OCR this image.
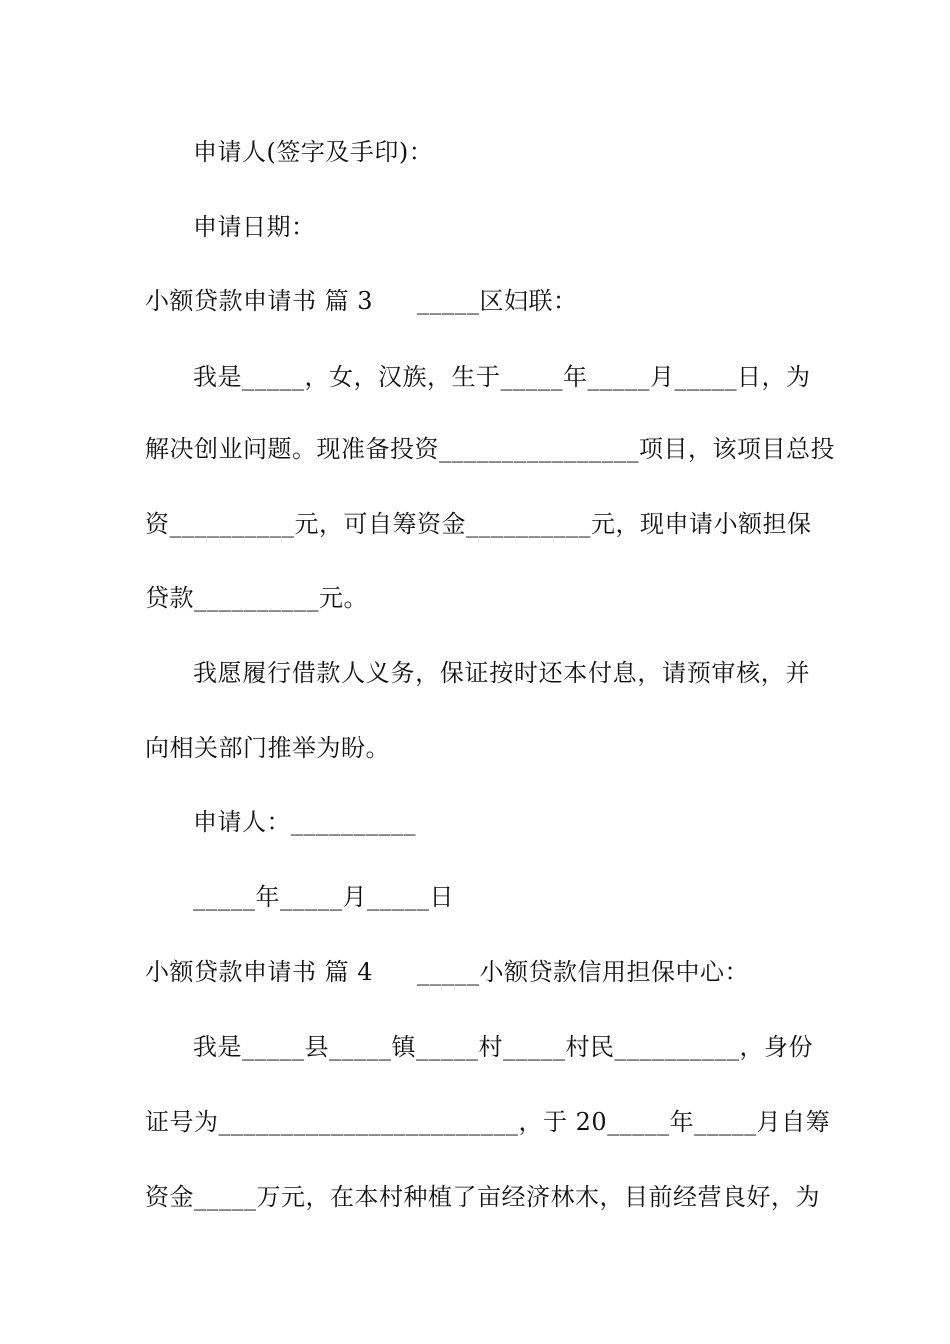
申请人(签字及手印)：
申请日期：
小额贷款申请书 篇 3 _____区妇联：
我是_____，女，汉族，生于_____年_____月_____日，为
解决创业问题。现准备投资________________项目，该项目总投
资__________元，可自筹资金__________元，现申请小额担保
贷款__________元。
我愿履行借款人义务，保证按时还本付息，请预审核，并
向相关部门推举为盼。
申请人：__________
_____年_____月_____日
小额贷款申请书 篇 4 _____小额贷款信用担保中心：
我是_____县_____镇_____村_____村民__________，身份
证号为________________________，于 20_____年_____月自筹
资金_____万元，在本村种植了亩经济林木，目前经营良好，为
